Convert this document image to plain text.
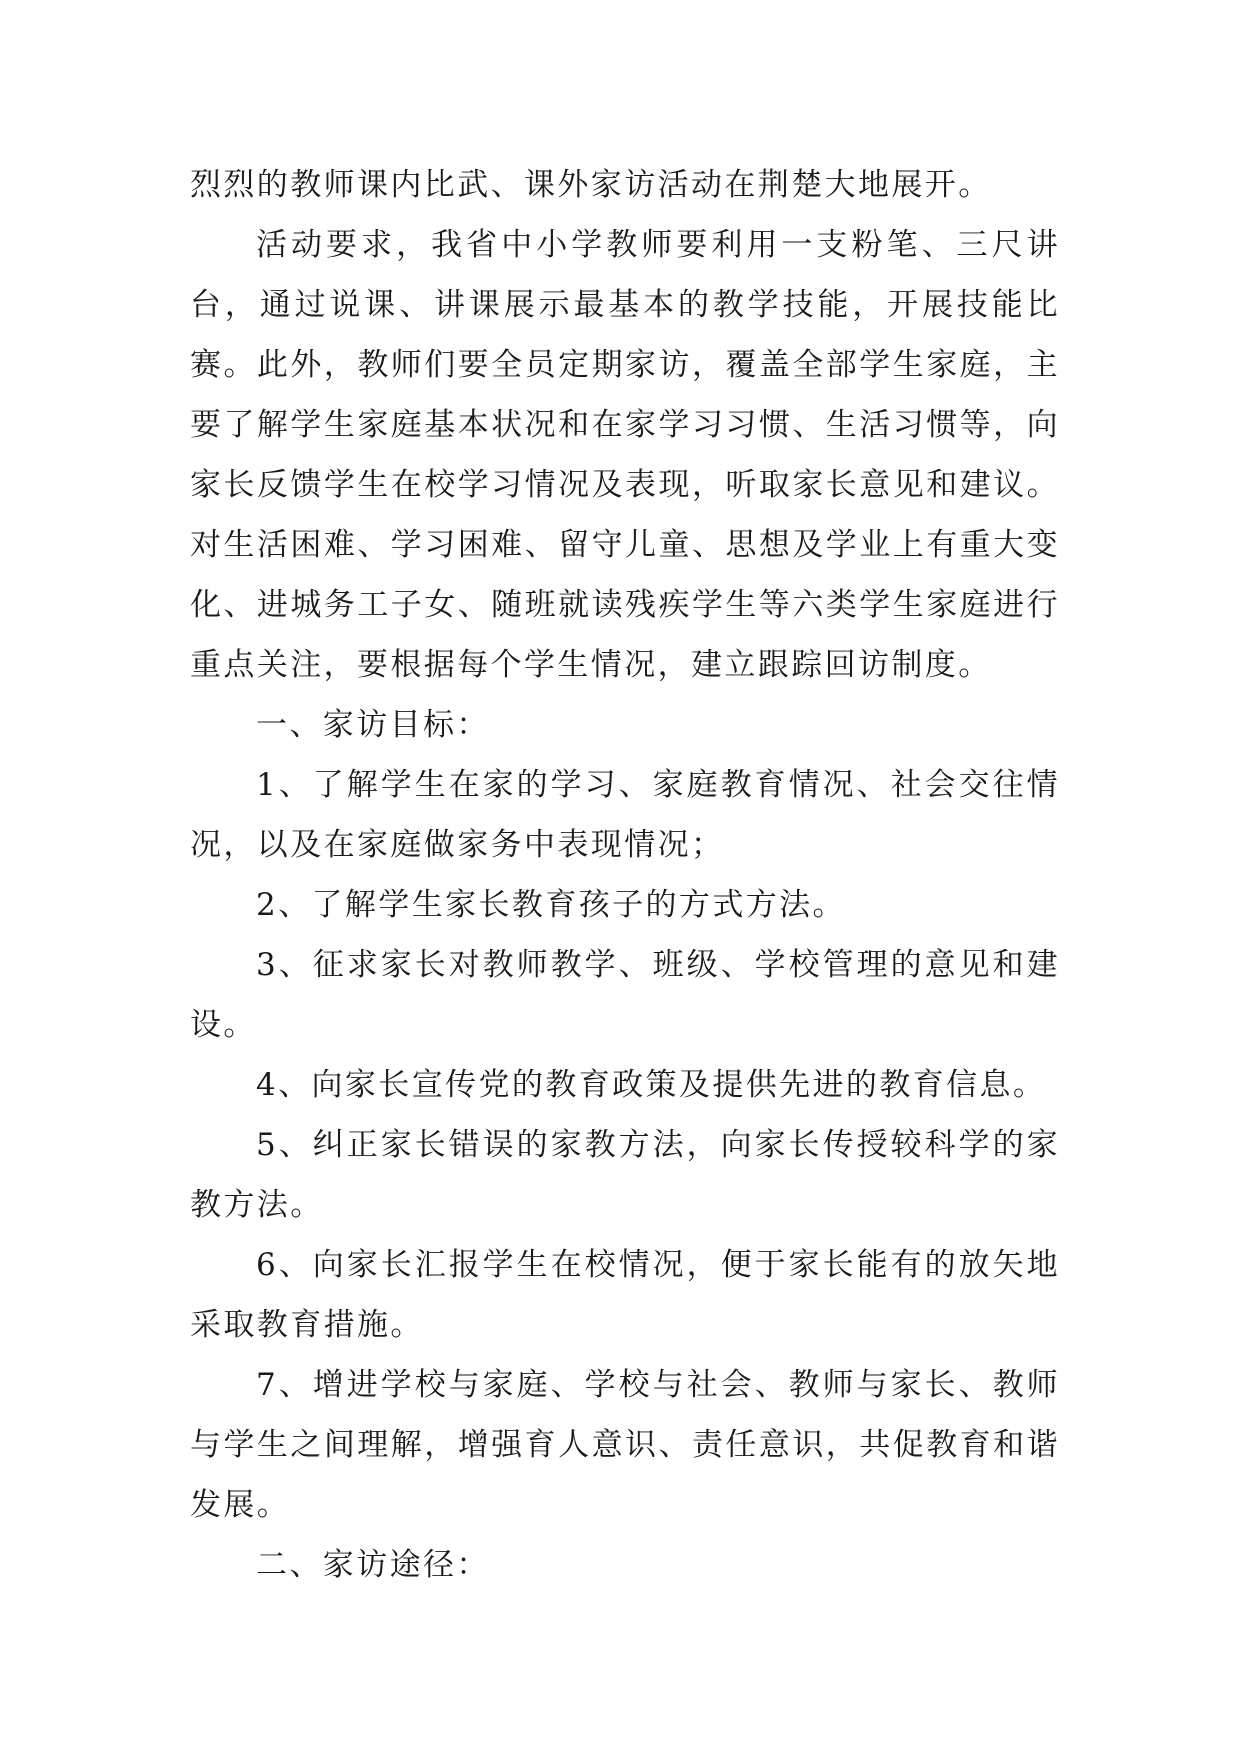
烈烈的教师课内比武、课外家访活动在荆楚大地展开。

活动要求，我省中小学教师要利用一支粉笔、三尺讲台，通过说课、讲课展示最基本的教学技能，开展技能比赛。此外，教师们要全员定期家访，覆盖全部学生家庭，主要了解学生家庭基本状况和在家学习习惯、生活习惯等，向家长反馈学生在校学习情况及表现，听取家长意见和建议。对生活困难、学习困难、留守儿童、思想及学业上有重大变化、进城务工子女、随班就读残疾学生等六类学生家庭进行重点关注，要根据每个学生情况，建立跟踪回访制度。

一、家访目标：

1、了解学生在家的学习、家庭教育情况、社会交往情况，以及在家庭做家务中表现情况；

2、了解学生家长教育孩子的方式方法。

3、征求家长对教师教学、班级、学校管理的意见和建设。

4、向家长宣传党的教育政策及提供先进的教育信息。

5、纠正家长错误的家教方法，向家长传授较科学的家教方法。

6、向家长汇报学生在校情况，便于家长能有的放矢地采取教育措施。

7、增进学校与家庭、学校与社会、教师与家长、教师与学生之间理解，增强育人意识、责任意识，共促教育和谐发展。

二、家访途径：
